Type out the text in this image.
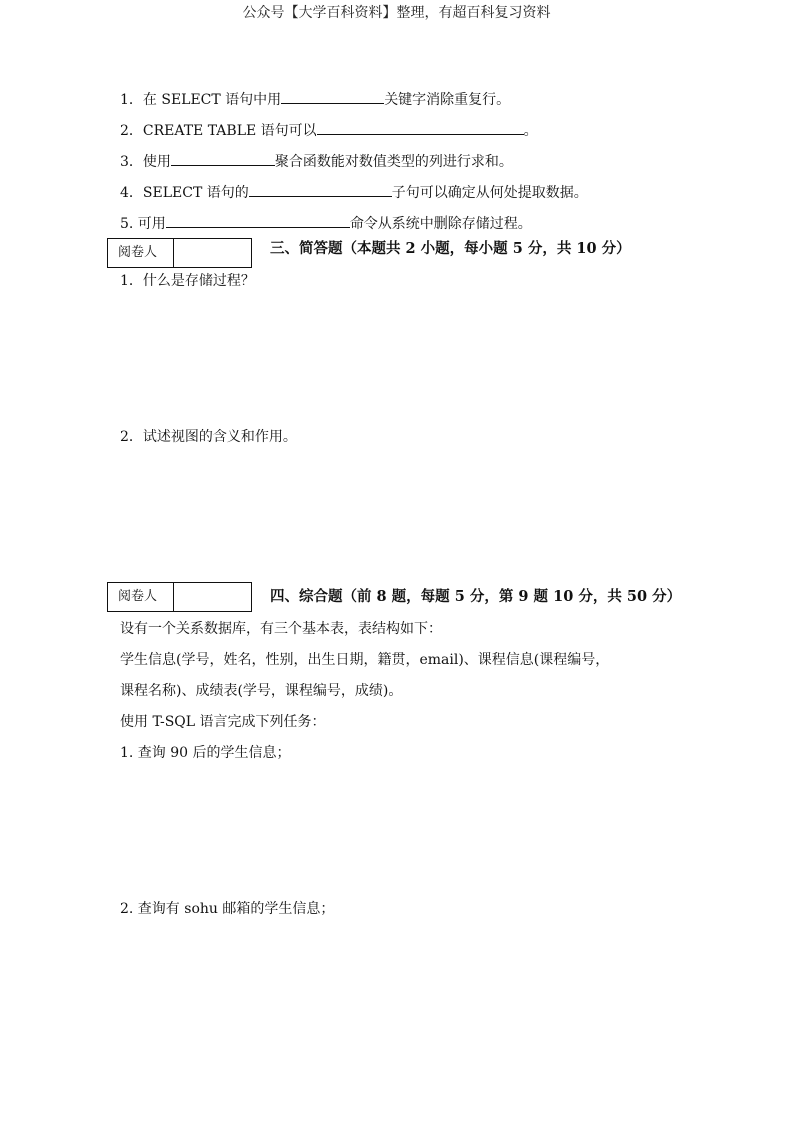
公众号【大学百科资料】整理，有超百科复习资料
1．在 SELECT 语句中用	关键字消除重复行。
2．CREATE TABLE 语句可以	。
3．使用	聚合函数能对数值类型的列进行求和。
4．SELECT 语句的	子句可以确定从何处提取数据。
5. 可用	命令从系统中删除存储过程。
阅卷人	三、简答题（本题共 2 小题，每小题 5 分，共 10 分）
1．什么是存储过程？
2．试述视图的含义和作用。
阅卷人	四、综合题（前 8 题，每题 5 分，第 9 题 10 分，共 50 分）
设有一个关系数据库，有三个基本表，表结构如下：
学生信息(学号，姓名，性别，出生日期，籍贯，email)、课程信息(课程编号，
课程名称)、成绩表(学号，课程编号，成绩)。
使用 T-SQL 语言完成下列任务：
1. 查询 90 后的学生信息；
2. 查询有 sohu 邮箱的学生信息；
